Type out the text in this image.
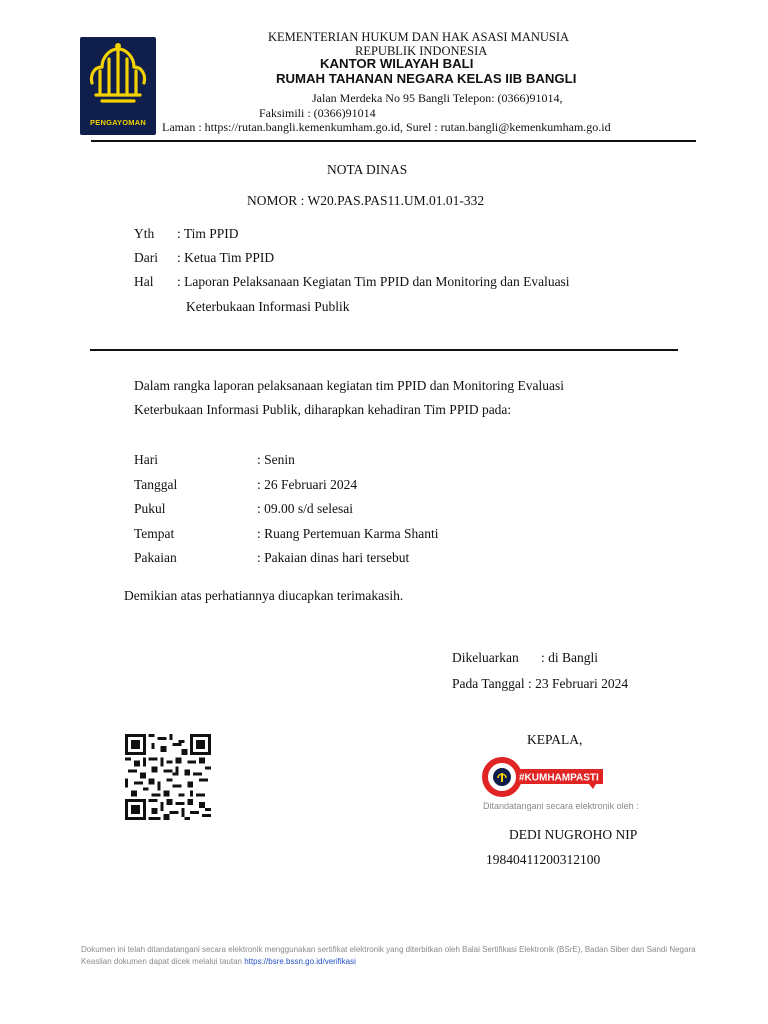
PENGAYOMAN
KEMENTERIAN HUKUM DAN HAK ASASI MANUSIA
REPUBLIK INDONESIA
KANTOR WILAYAH BALI
RUMAH TAHANAN NEGARA KELAS IIB BANGLI
Jalan Merdeka No 95 Bangli Telepon: (0366)91014,
Faksimili : (0366)91014
Laman : https://rutan.bangli.kemenkumham.go.id, Surel : rutan.bangli@kemenkumham.go.id
NOTA DINAS
NOMOR : W20.PAS.PAS11.UM.01.01-332
Yth : Tim PPID
Dari : Ketua Tim PPID
Hal : Laporan Pelaksanaan Kegiatan Tim PPID dan Monitoring dan Evaluasi
Keterbukaan Informasi Publik
Dalam rangka laporan pelaksanaan kegiatan tim PPID dan Monitoring Evaluasi
Keterbukaan Informasi Publik, diharapkan kehadiran Tim PPID pada:
Hari	: Senin
Tanggal	: 26 Februari 2024
Pukul	: 09.00 s/d selesai
Tempat	: Ruang Pertemuan Karma Shanti
Pakaian	: Pakaian dinas hari tersebut
Demikian atas perhatiannya diucapkan terimakasih.
Dikeluarkan : di Bangli
Pada Tanggal : 23 Februari 2024
KEPALA,
#KUMHAMPASTI
Ditandatangani secara elektronik oleh :
DEDI NUGROHO NIP
19840411200312100
Dokumen ini telah ditandatangani secara elektronik menggunakan sertifikat elektronik yang diterbitkan oleh Balai Sertifikasi Elektronik (BSrE), Badan Siber dan Sandi Negara
Keaslian dokumen dapat dicek melalui tautan https://bsre.bssn.go.id/verifikasi
